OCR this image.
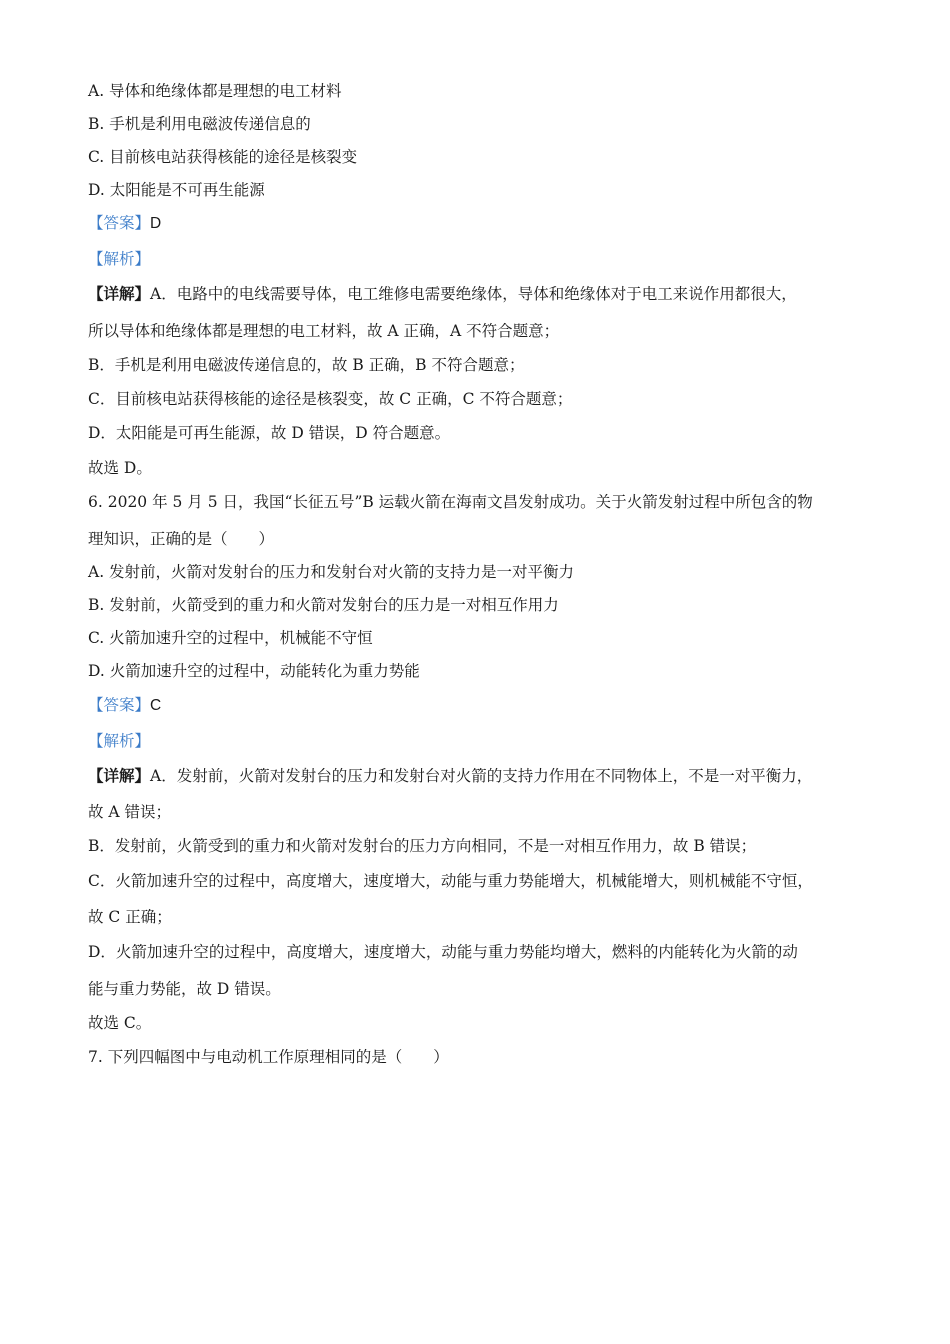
A. 导体和绝缘体都是理想的电工材料
B. 手机是利用电磁波传递信息的
C. 目前核电站获得核能的途径是核裂变
D. 太阳能是不可再生能源
【答案】D
【解析】
【详解】A．电路中的电线需要导体，电工维修电需要绝缘体，导体和绝缘体对于电工来说作用都很大，
所以导体和绝缘体都是理想的电工材料，故 A 正确，A 不符合题意；
B．手机是利用电磁波传递信息的，故 B 正确，B 不符合题意；
C．目前核电站获得核能的途径是核裂变，故 C 正确，C 不符合题意；
D．太阳能是可再生能源，故 D 错误，D 符合题意。
故选 D。
6. 2020 年 5 月 5 日，我国“长征五号”B 运载火箭在海南文昌发射成功。关于火箭发射过程中所包含的物
理知识，正确的是（　　）
A. 发射前，火箭对发射台的压力和发射台对火箭的支持力是一对平衡力
B. 发射前，火箭受到的重力和火箭对发射台的压力是一对相互作用力
C. 火箭加速升空的过程中，机械能不守恒
D. 火箭加速升空的过程中，动能转化为重力势能
【答案】C
【解析】
【详解】A．发射前，火箭对发射台的压力和发射台对火箭的支持力作用在不同物体上，不是一对平衡力，
故 A 错误；
B．发射前，火箭受到的重力和火箭对发射台的压力方向相同，不是一对相互作用力，故 B 错误；
C．火箭加速升空的过程中，高度增大，速度增大，动能与重力势能增大，机械能增大，则机械能不守恒，
故 C 正确；
D．火箭加速升空的过程中，高度增大，速度增大，动能与重力势能均增大，燃料的内能转化为火箭的动
能与重力势能，故 D 错误。
故选 C。
7. 下列四幅图中与电动机工作原理相同的是（　　）
